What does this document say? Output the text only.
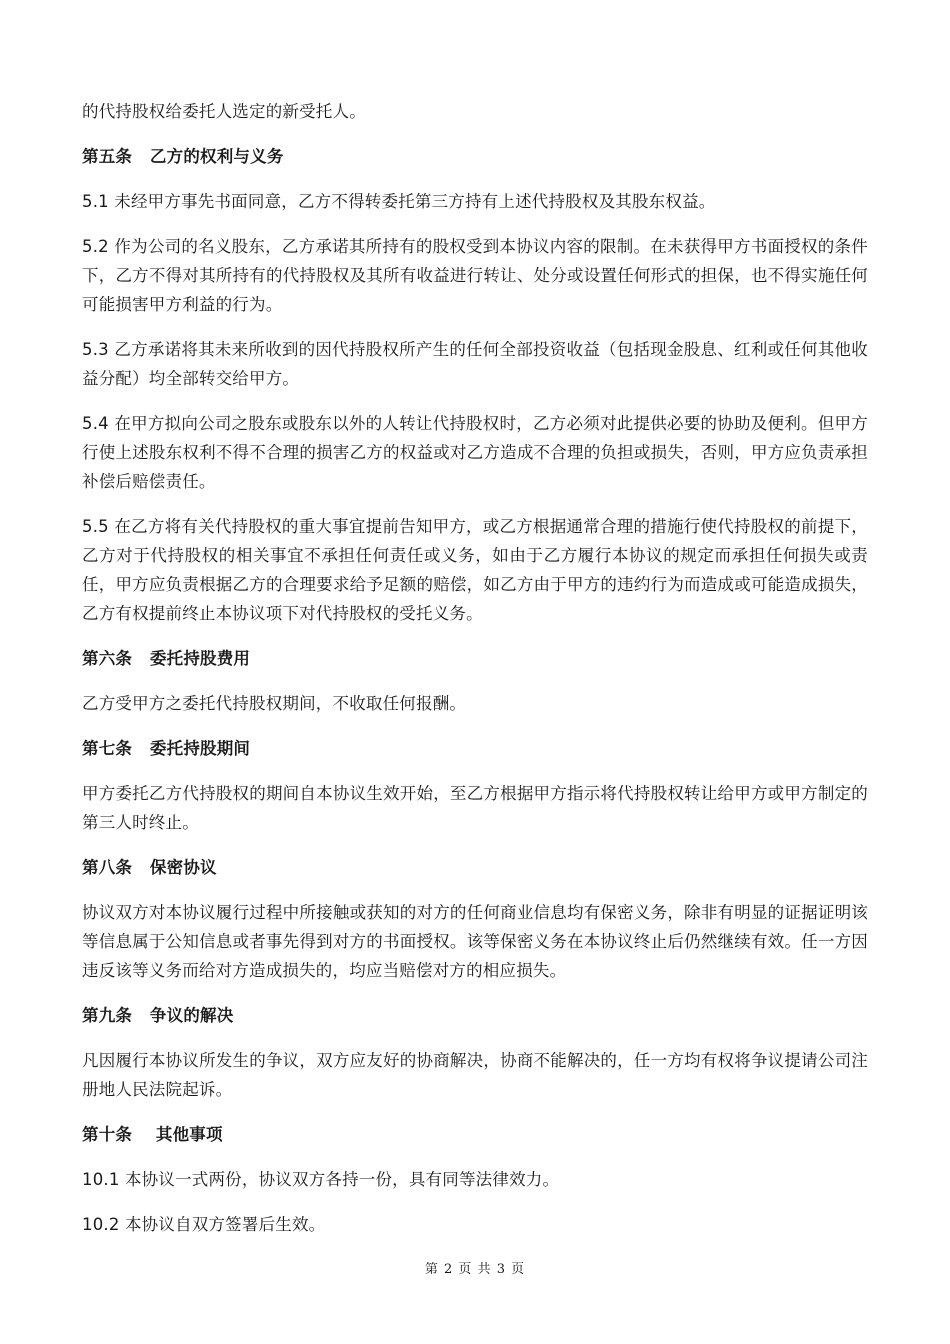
的代持股权给委托人选定的新受托人。

第五条   乙方的权利与义务

5.1 未经甲方事先书面同意，乙方不得转委托第三方持有上述代持股权及其股东权益。

5.2 作为公司的名义股东，乙方承诺其所持有的股权受到本协议内容的限制。在未获得甲方书面授权的条件下，乙方不得对其所持有的代持股权及其所有收益进行转让、处分或设置任何形式的担保，也不得实施任何可能损害甲方利益的行为。

5.3 乙方承诺将其未来所收到的因代持股权所产生的任何全部投资收益（包括现金股息、红利或任何其他收益分配）均全部转交给甲方。

5.4 在甲方拟向公司之股东或股东以外的人转让代持股权时，乙方必须对此提供必要的协助及便利。但甲方行使上述股东权利不得不合理的损害乙方的权益或对乙方造成不合理的负担或损失，否则，甲方应负责承担补偿后赔偿责任。

5.5 在乙方将有关代持股权的重大事宜提前告知甲方，或乙方根据通常合理的措施行使代持股权的前提下，乙方对于代持股权的相关事宜不承担任何责任或义务，如由于乙方履行本协议的规定而承担任何损失或责任，甲方应负责根据乙方的合理要求给予足额的赔偿，如乙方由于甲方的违约行为而造成或可能造成损失，乙方有权提前终止本协议项下对代持股权的受托义务。

第六条   委托持股费用

乙方受甲方之委托代持股权期间，不收取任何报酬。

第七条   委托持股期间

甲方委托乙方代持股权的期间自本协议生效开始，至乙方根据甲方指示将代持股权转让给甲方或甲方制定的第三人时终止。

第八条   保密协议

协议双方对本协议履行过程中所接触或获知的对方的任何商业信息均有保密义务，除非有明显的证据证明该等信息属于公知信息或者事先得到对方的书面授权。该等保密义务在本协议终止后仍然继续有效。任一方因违反该等义务而给对方造成损失的，均应当赔偿对方的相应损失。

第九条   争议的解决

凡因履行本协议所发生的争议，双方应友好的协商解决，协商不能解决的，任一方均有权将争议提请公司注册地人民法院起诉。

第十条    其他事项

10.1 本协议一式两份，协议双方各持一份，具有同等法律效力。

10.2 本协议自双方签署后生效。

第 2 页 共 3 页
